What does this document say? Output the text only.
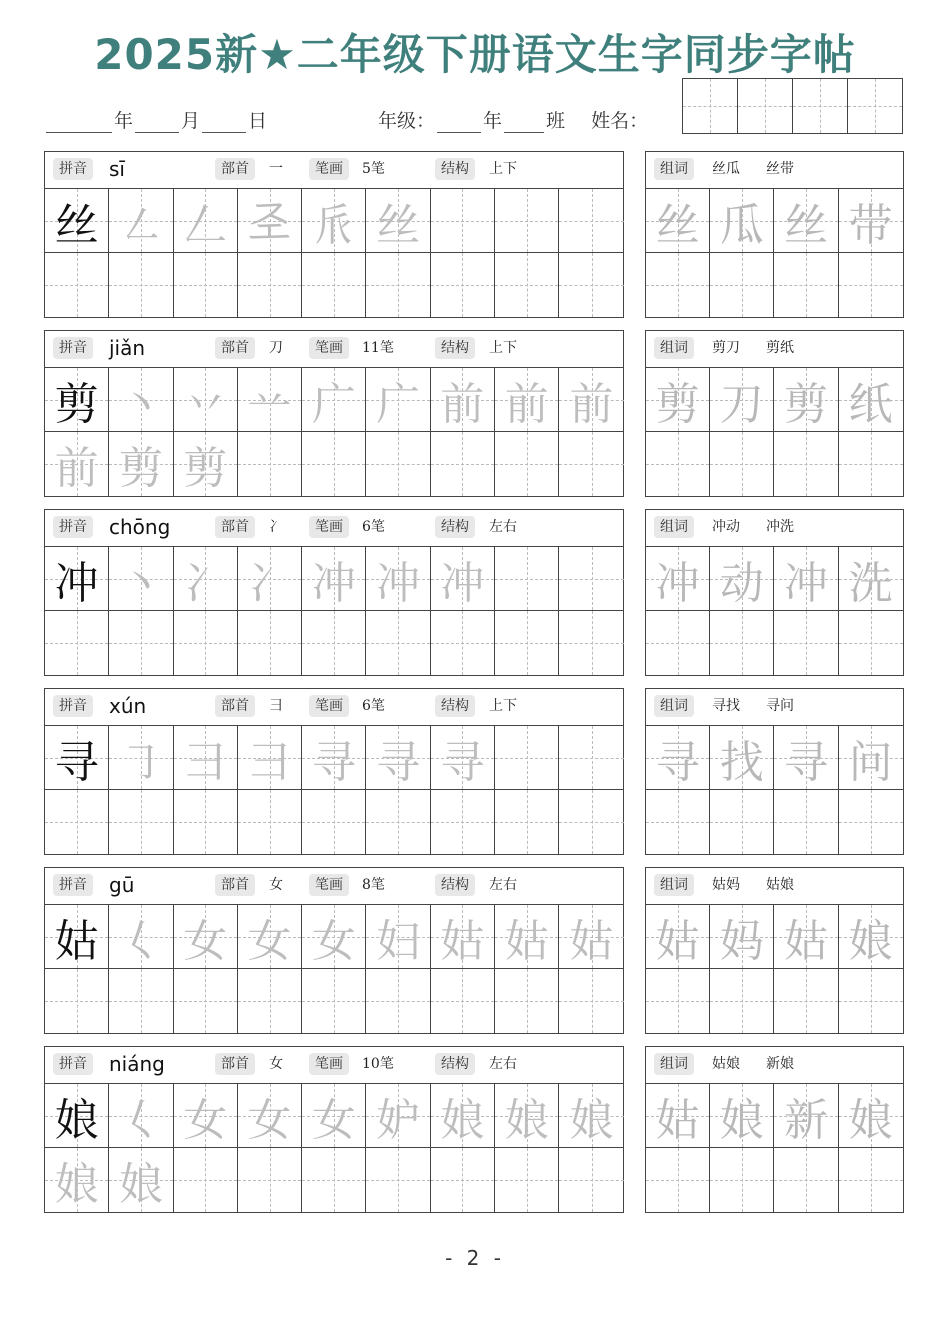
2025新★二年级下册语文生字同步字帖
年	月	日	年级：	年 班 姓名：
拼音	sī	部首	一	笔画	5笔	结构	上下
丝 ㇜ 𠃋 𢀖 𠂢 丝
组词	丝瓜 丝带
丝 瓜 丝 带
拼音	jiǎn	部首	刀	笔画	11笔	结构	上下
剪 丶 丷 䒑 广 广 前 前 前
前 剪 剪
组词	剪刀 剪纸
剪 刀 剪 纸
拼音	chōng	部首	冫	笔画	6笔	结构	左右
冲 丶 冫 冫 冲 冲 冲
组词	冲动 冲洗
冲 动 冲 洗
拼音	xún	部首	彐	笔画	6笔	结构	上下
寻 ㇆ 彐 彐 寻 寻 寻
组词	寻找 寻问
寻 找 寻 问
拼音	gū	部首	女	笔画	8笔	结构	左右
姑 𡿨 女 女 女 妇 姑 姑 姑
组词	姑妈 姑娘
姑 妈 姑 娘
拼音	niáng	部首	女	笔画	10笔	结构	左右
娘 𡿨 女 女 女 妒 娘 娘 娘
娘 娘
组词	姑娘 新娘
姑 娘 新 娘
- 2 -
